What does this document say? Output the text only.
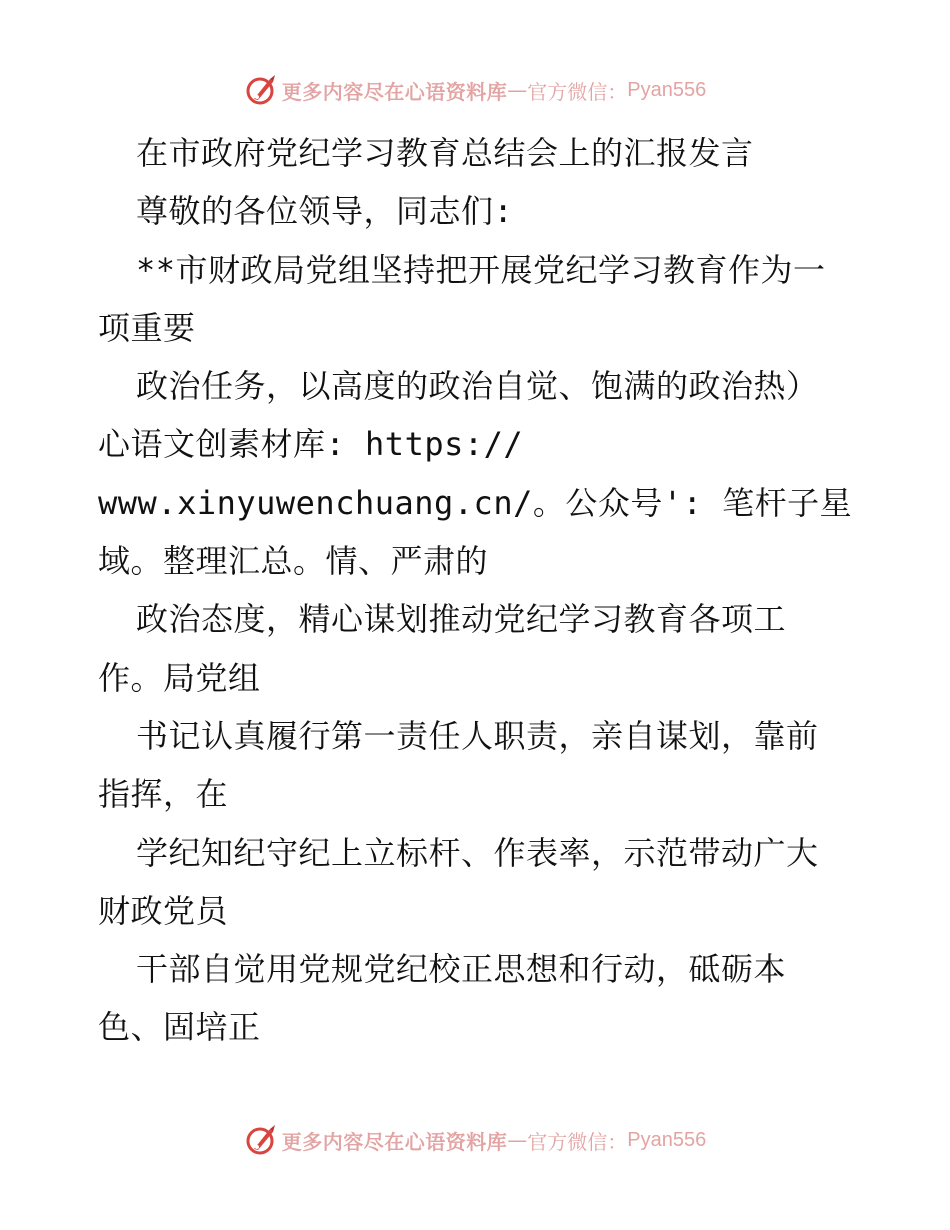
更多内容尽在心语资料库 — 官方微信： Pyan556
在市政府党纪学习教育总结会上的汇报发言
尊敬的各位领导，同志们:
**市财政局党组坚持把开展党纪学习教育作为一
项重要
政治任务，以高度的政治自觉、饱满的政治热）
心语文创素材库: https://
www.xinyuwenchuang.cn/。公众号': 笔杆子星
域。整理汇总。情、严肃的
政治态度，精心谋划推动党纪学习教育各项工
作。局党组
书记认真履行第一责任人职责，亲自谋划，靠前
指挥，在
学纪知纪守纪上立标杆、作表率，示范带动广大
财政党员
干部自觉用党规党纪校正思想和行动，砥砺本
色、固培正
更多内容尽在心语资料库 — 官方微信： Pyan556
